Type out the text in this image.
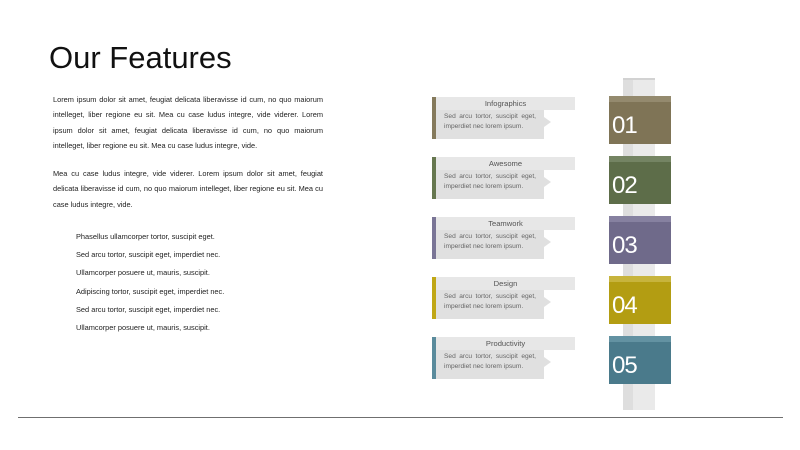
Our Features

Lorem ipsum dolor sit amet, feugiat delicata liberavisse id cum, no quo maiorum intelleget, liber regione eu sit. Mea cu case ludus integre, vide viderer. Lorem ipsum dolor sit amet, feugiat delicata liberavisse id cum, no quo maiorum intelleget, liber regione eu sit. Mea cu case ludus integre, vide.

Mea cu case ludus integre, vide viderer. Lorem ipsum dolor sit amet, feugiat delicata liberavisse id cum, no quo maiorum intelleget, liber regione eu sit. Mea cu case ludus integre, vide.

Phasellus ullamcorper tortor, suscipit eget.
Sed arcu tortor, suscipit eget, imperdiet nec.
Ullamcorper posuere ut, mauris, suscipit.
Adipiscing tortor, suscipit eget, imperdiet nec.
Sed arcu tortor, suscipit eget, imperdiet nec.
Ullamcorper posuere ut, mauris, suscipit.
Infographics

Sed arcu tortor, suscipit eget, imperdiet nec lorem ipsum.

Awesome

Sed arcu tortor, suscipit eget, imperdiet nec lorem ipsum.

Teamwork

Sed arcu tortor, suscipit eget, imperdiet nec lorem ipsum.

Design

Sed arcu tortor, suscipit eget, imperdiet nec lorem ipsum.

Productivity

Sed arcu tortor, suscipit eget, imperdiet nec lorem ipsum.

01
02
03
04
05
